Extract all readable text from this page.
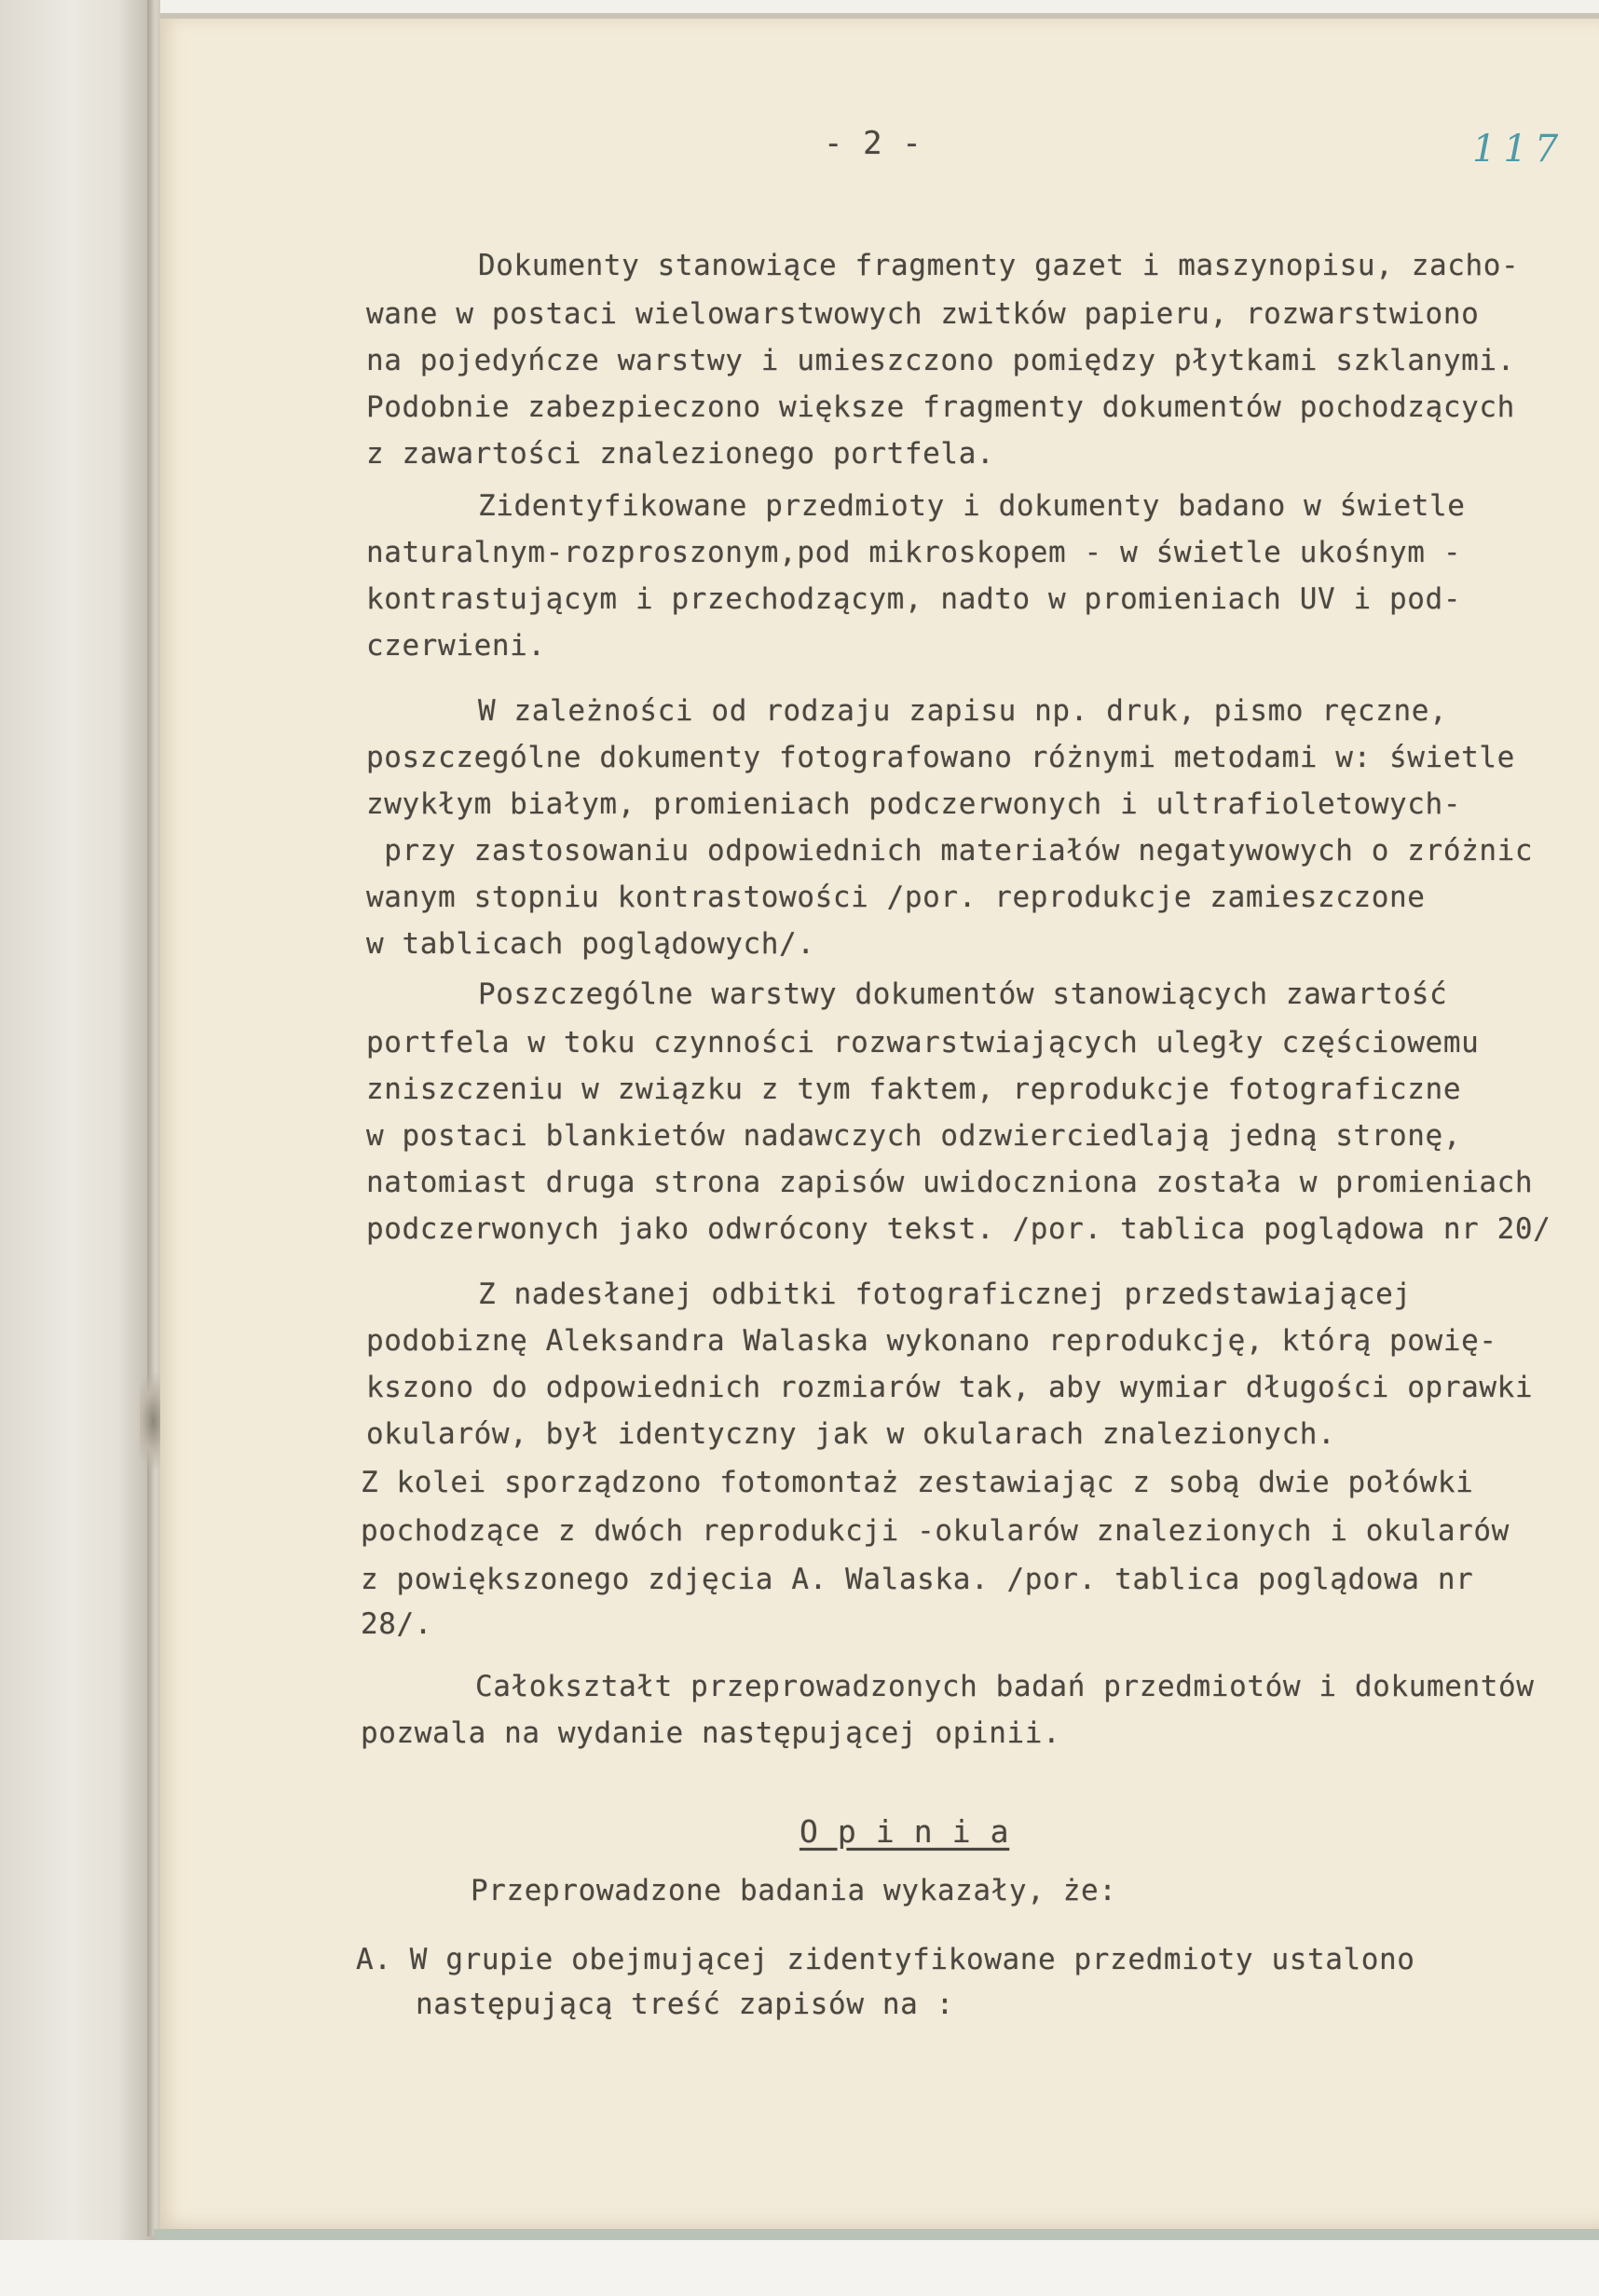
- 2 -	117
Dokumenty stanowiące fragmenty gazet i maszynopisu, zacho-
wane w postaci wielowarstwowych zwitków papieru, rozwarstwiono
na pojedyńcze warstwy i umieszczono pomiędzy płytkami szklanymi.
Podobnie zabezpieczono większe fragmenty dokumentów pochodzących
z zawartości znalezionego portfela.
Zidentyfikowane przedmioty i dokumenty badano w świetle
naturalnym-rozproszonym,pod mikroskopem - w świetle ukośnym -
kontrastującym i przechodzącym, nadto w promieniach UV i pod-
czerwieni.
W zależności od rodzaju zapisu np. druk, pismo ręczne,
poszczególne dokumenty fotografowano różnymi metodami w: świetle
zwykłym białym, promieniach podczerwonych i ultrafioletowych-
przy zastosowaniu odpowiednich materiałów negatywowych o zróżnic
wanym stopniu kontrastowości /por. reprodukcje zamieszczone
w tablicach poglądowych/.
Poszczególne warstwy dokumentów stanowiących zawartość
portfela w toku czynności rozwarstwiających uległy częściowemu
zniszczeniu w związku z tym faktem, reprodukcje fotograficzne
w postaci blankietów nadawczych odzwierciedlają jedną stronę,
natomiast druga strona zapisów uwidoczniona została w promieniach
podczerwonych jako odwrócony tekst. /por. tablica poglądowa nr 20/
Z nadesłanej odbitki fotograficznej przedstawiającej
podobiznę Aleksandra Walaska wykonano reprodukcję, którą powię-
kszono do odpowiednich rozmiarów tak, aby wymiar długości oprawki
okularów, był identyczny jak w okularach znalezionych.
Z kolei sporządzono fotomontaż zestawiając z sobą dwie połówki
pochodzące z dwóch reprodukcji -okularów znalezionych i okularów
z powiększonego zdjęcia A. Walaska. /por. tablica poglądowa nr
28/.
Całokształt przeprowadzonych badań przedmiotów i dokumentów
pozwala na wydanie następującej opinii.
O p i n i a
Przeprowadzone badania wykazały, że:
A. W grupie obejmującej zidentyfikowane przedmioty ustalono
następującą treść zapisów na :
